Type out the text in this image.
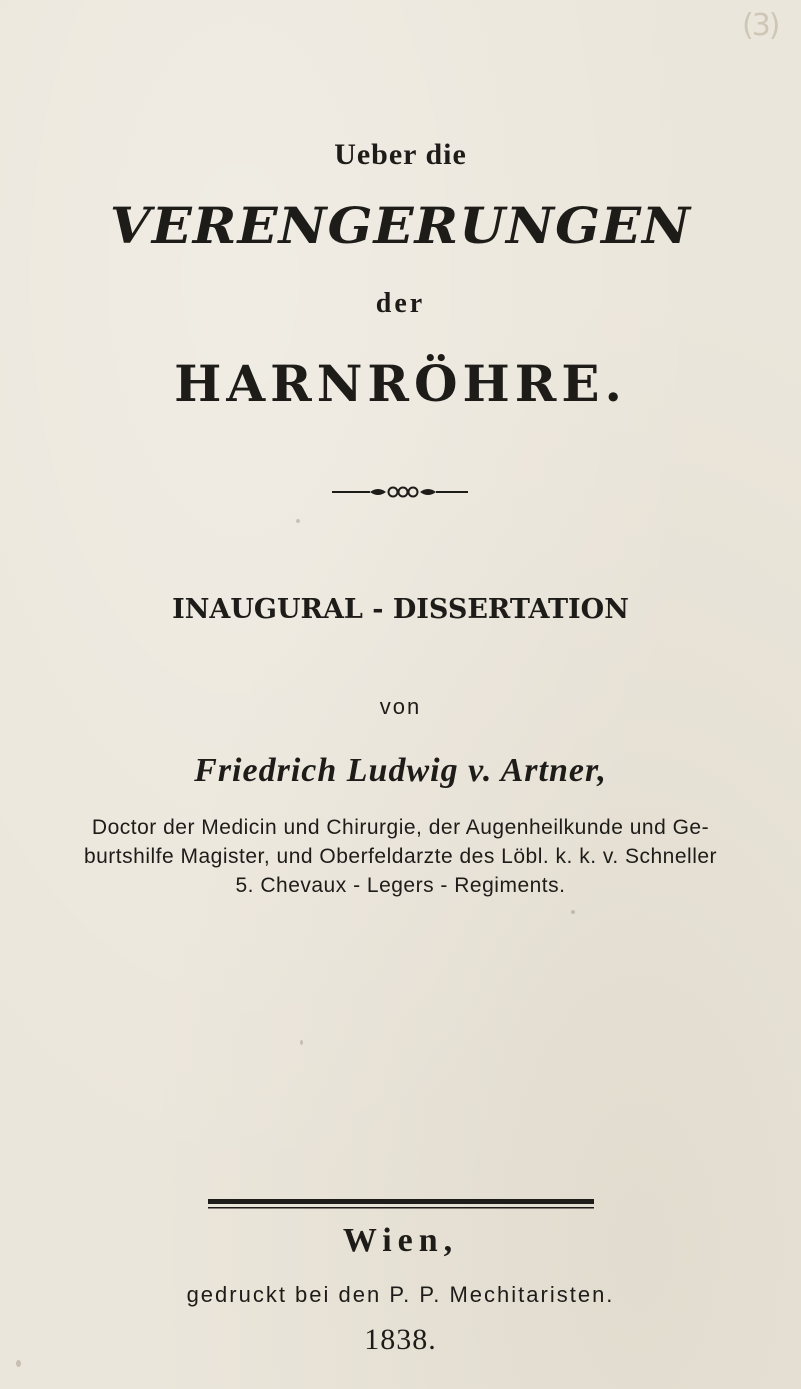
(3)
Ueber die
VERENGERUNGEN
der
HARNRÖHRE.
INAUGURAL - DISSERTATION
von
Friedrich Ludwig v. Artner,
Doctor der Medicin und Chirurgie, der Augenheilkunde und Ge-
burtshilfe Magister, und Oberfeldarzte des Löbl. k. k. v. Schneller
5. Chevaux - Legers - Regiments.
Wien,
gedruckt bei den P. P. Mechitaristen.
1838.
